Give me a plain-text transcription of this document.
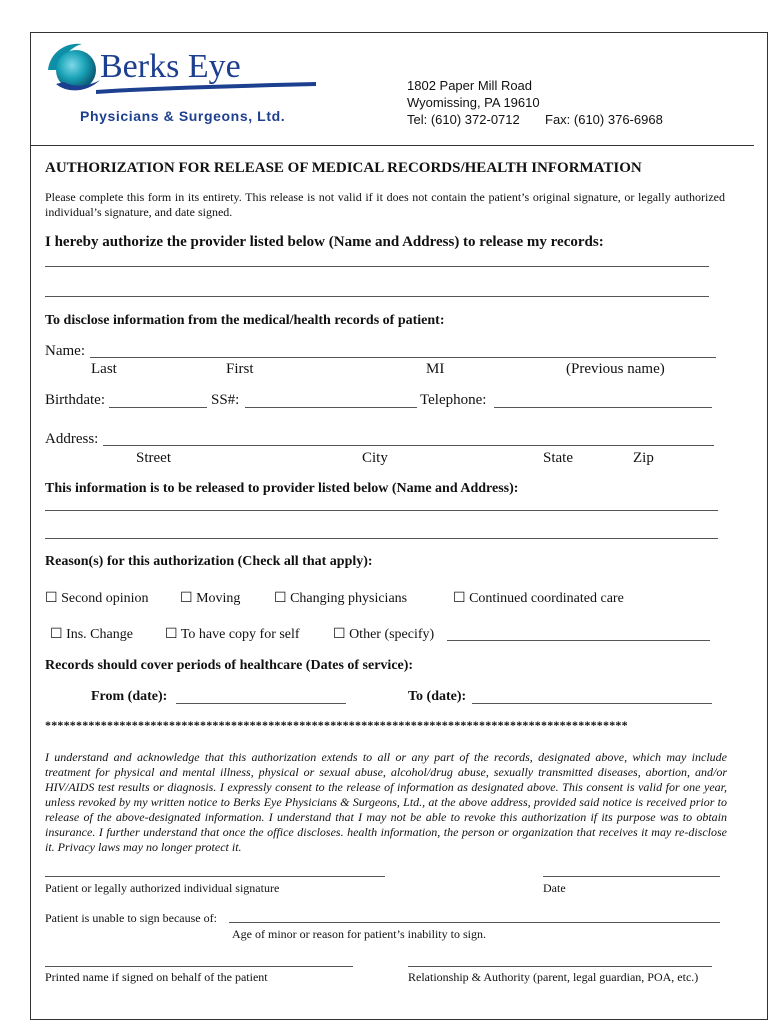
Berks Eye
Physicians & Surgeons, Ltd.
1802 Paper Mill Road
Wyomissing, PA 19610
Tel: (610) 372-0712 Fax: (610) 376-6968
AUTHORIZATION FOR RELEASE OF MEDICAL RECORDS/HEALTH INFORMATION
Please complete this form in its entirety. This release is not valid if it does not contain the patient’s original signature, or legally authorized individual’s signature, and date signed.
I hereby authorize the provider listed below (Name and Address) to release my records:
To disclose information from the medical/health records of patient:
Name:
Last	First	MI	(Previous name)
Birthdate:	SS#:	Telephone:
Address:
Street	City	State	Zip
This information is to be released to provider listed below (Name and Address):
Reason(s) for this authorization (Check all that apply):
☐ Second opinion ☐ Moving ☐ Changing physicians	☐ Continued coordinated care
☐ Ins. Change ☐ To have copy for self ☐ Other (specify)
Records should cover periods of healthcare (Dates of service):
From (date):	To (date):
**********************************************************************************************
I understand and acknowledge that this authorization extends to all or any part of the records, designated above, which may include treatment for physical and mental illness, physical or sexual abuse, alcohol/drug abuse, sexually transmitted diseases, abortion, and/or HIV/AIDS test results or diagnosis. I expressly consent to the release of information as designated above. This consent is valid for one year, unless revoked by my written notice to Berks Eye Physicians & Surgeons, Ltd., at the above address, provided said notice is received prior to release of the above-designated information. I understand that I may not be able to revoke this authorization if its purpose was to obtain insurance. I further understand that once the office discloses. health information, the person or organization that receives it may re-disclose it. Privacy laws may no longer protect it.
Patient or legally authorized individual signature	Date
Patient is unable to sign because of:
Age of minor or reason for patient’s inability to sign.
Printed name if signed on behalf of the patient	Relationship & Authority (parent, legal guardian, POA, etc.)
